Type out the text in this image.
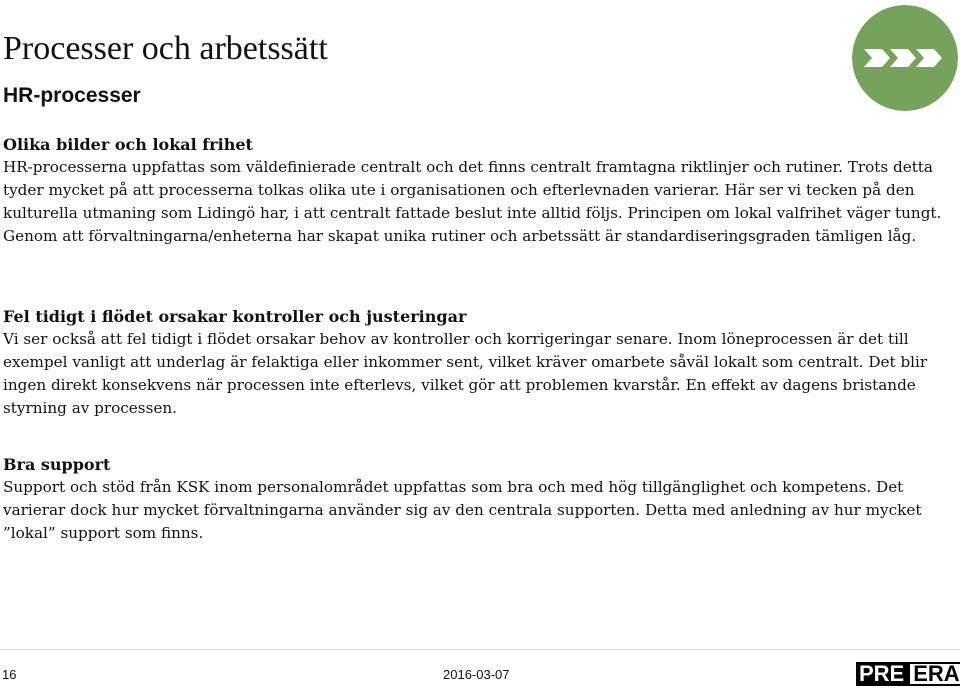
Processer och arbetssätt
HR-processer
Olika bilder och lokal frihet

HR-processerna uppfattas som väldefinierade centralt och det finns centralt framtagna riktlinjer och rutiner. Trots detta tyder mycket på att processerna tolkas olika ute i organisationen och efterlevnaden varierar. Här ser vi tecken på den kulturella utmaning som Lidingö har, i att centralt fattade beslut inte alltid följs. Principen om lokal valfrihet väger tungt. Genom att förvaltningarna/enheterna har skapat unika rutiner och arbetssätt är standardiseringsgraden tämligen låg.

Fel tidigt i flödet orsakar kontroller och justeringar

Vi ser också att fel tidigt i flödet orsakar behov av kontroller och korrigeringar senare. Inom löneprocessen är det till exempel vanligt att underlag är felaktiga eller inkommer sent, vilket kräver omarbete såväl lokalt som centralt. Det blir ingen direkt konsekvens när processen inte efterlevs, vilket gör att problemen kvarstår. En effekt av dagens bristande styrning av processen.

Bra support

Support och stöd från KSK inom personalområdet uppfattas som bra och med hög tillgänglighet och kompetens. Det varierar dock hur mycket förvaltningarna använder sig av den centrala supporten. Detta med anledning av hur mycket ”lokal” support som finns.

16	2016-03-07	PRE ERA
